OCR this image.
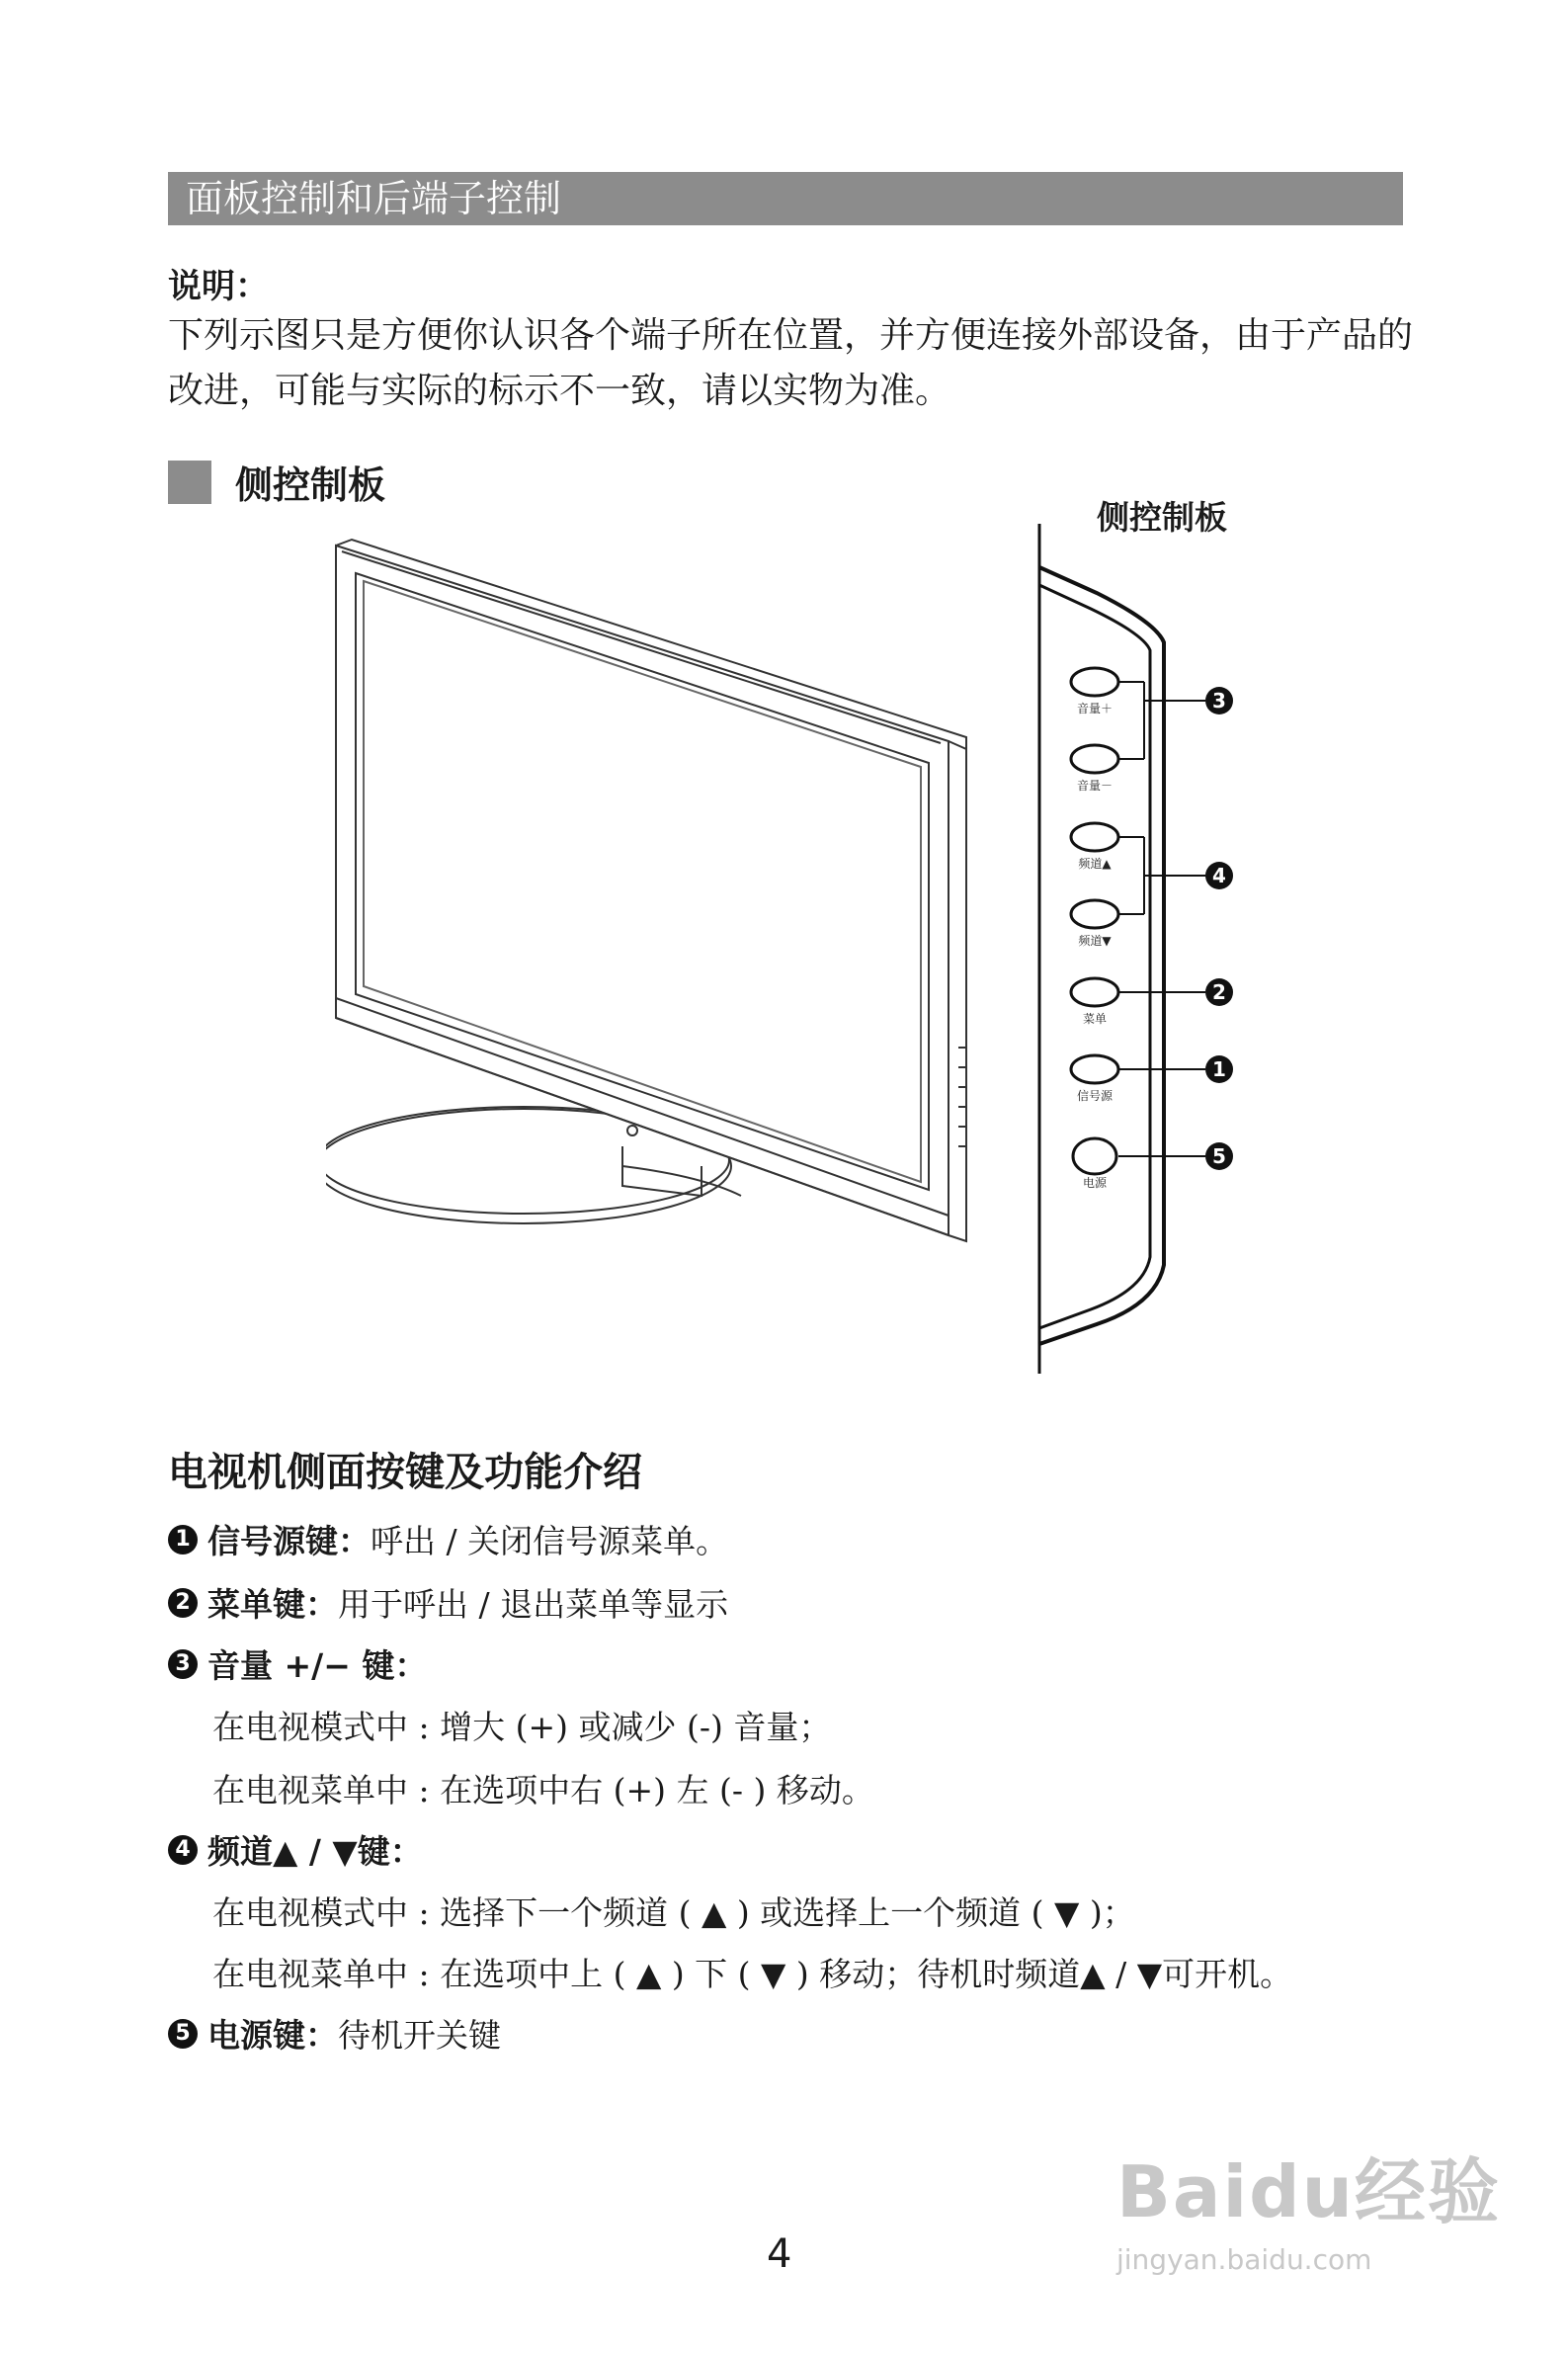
面板控制和后端子控制
说明：
下列示图只是方便你认识各个端子所在位置，并方便连接外部设备，由于产品的改进，可能与实际的标示不一致，请以实物为准。
侧控制板
侧控制板
3
4
2
1
5
音量＋
音量－
频道▲
频道▼
菜单
信号源
电源
电视机侧面按键及功能介绍
1 信号源键： 呼出 / 关闭信号源菜单。
2 菜单键： 用于呼出 / 退出菜单等显示
3 音量 +/− 键：
在电视模式中 : 增大 (+) 或减少 (-) 音量；
在电视菜单中 : 在选项中右 (+) 左 (- ) 移动。
4 频道▲ / ▼键：
在电视模式中 : 选择下一个频道 ( ▲ ) 或选择上一个频道 ( ▼ )；
在电视菜单中 : 在选项中上 ( ▲ ) 下 ( ▼ ) 移动；待机时频道▲ / ▼可开机。
5 电源键： 待机开关键
4
Baidu经验
jingyan.baidu.com
